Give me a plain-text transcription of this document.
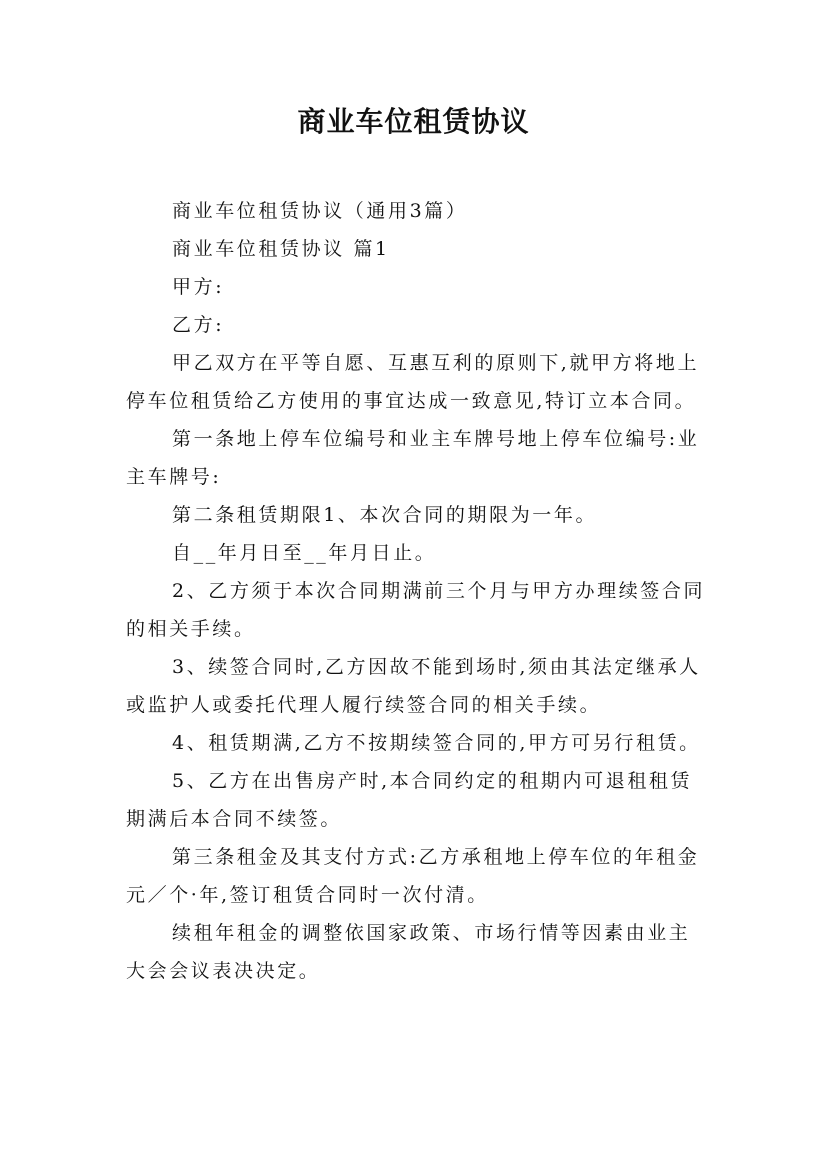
商业车位租赁协议

商业车位租赁协议（通用3篇）

商业车位租赁协议 篇1

甲方:

乙方:

甲乙双方在平等自愿、互惠互利的原则下,就甲方将地上停车位租赁给乙方使用的事宜达成一致意见,特订立本合同。

第一条地上停车位编号和业主车牌号地上停车位编号:业主车牌号:

第二条租赁期限1、本次合同的期限为一年。

自__年月日至__年月日止。

2、乙方须于本次合同期满前三个月与甲方办理续签合同的相关手续。

3、续签合同时,乙方因故不能到场时,须由其法定继承人或监护人或委托代理人履行续签合同的相关手续。

4、租赁期满,乙方不按期续签合同的,甲方可另行租赁。

5、乙方在出售房产时,本合同约定的租期内可退租租赁期满后本合同不续签。

第三条租金及其支付方式:乙方承租地上停车位的年租金元／个·年,签订租赁合同时一次付清。

续租年租金的调整依国家政策、市场行情等因素由业主大会会议表决决定。
